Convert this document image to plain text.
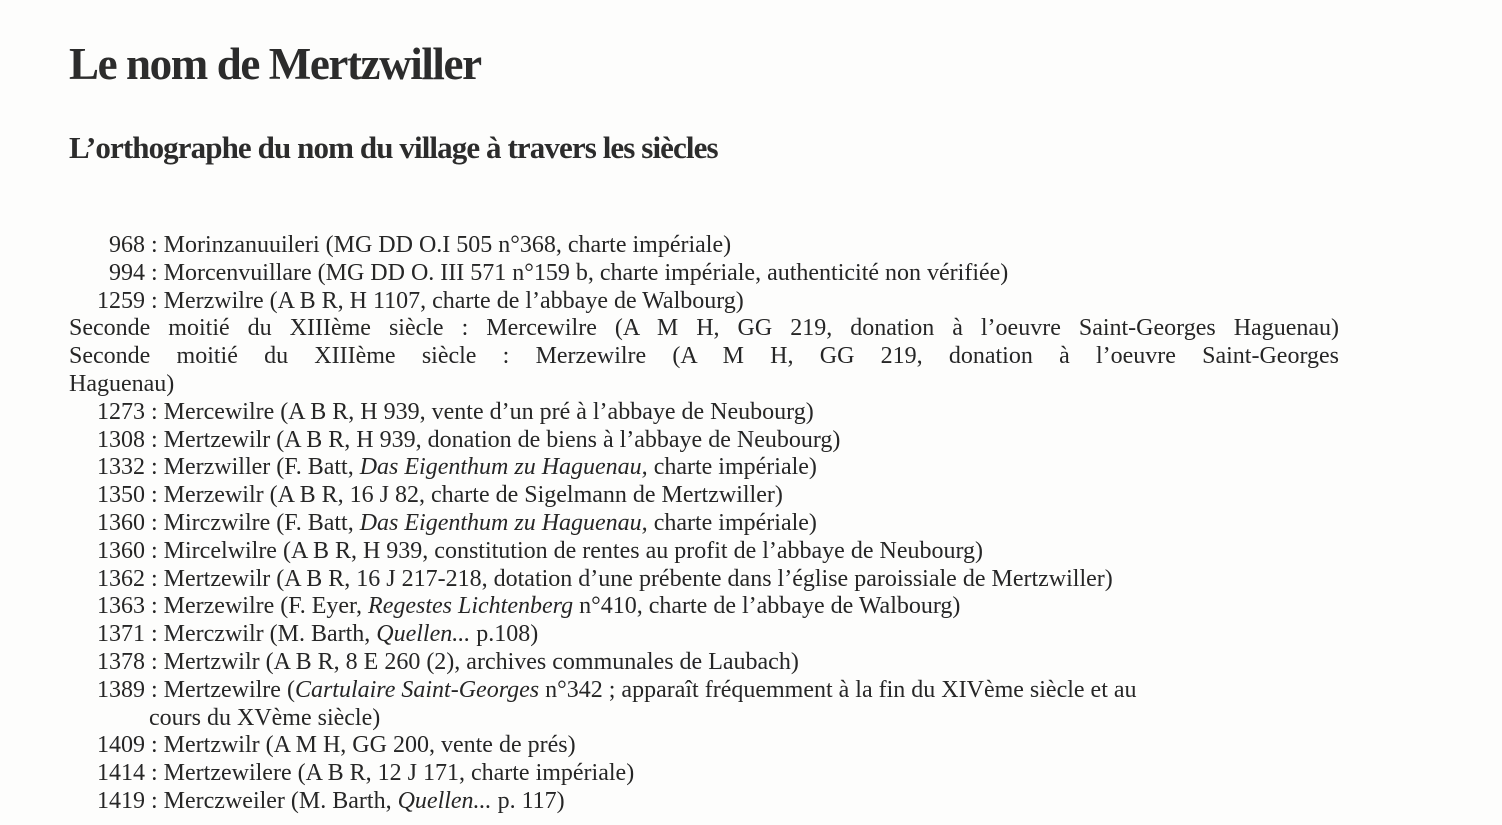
Le nom de Mertzwiller
L’orthographe du nom du village à travers les siècles
968 : Morinzanuuileri (MG DD O.I 505 n°368, charte impériale)
994 : Morcenvuillare (MG DD O. III 571 n°159 b, charte impériale, authenticité non vérifiée)
1259 : Merzwilre (A B R, H 1107, charte de l’abbaye de Walbourg)
Seconde moitié du XIIIème siècle : Mercewilre (A M H, GG 219, donation à l’oeuvre Saint-Georges Haguenau)
Seconde moitié du XIIIème siècle : Merzewilre (A M H, GG 219, donation à l’oeuvre Saint-Georges
Haguenau)
1273 : Mercewilre (A B R, H 939, vente d’un pré à l’abbaye de Neubourg)
1308 : Mertzewilr (A B R, H 939, donation de biens à l’abbaye de Neubourg)
1332 : Merzwiller (F. Batt, Das Eigenthum zu Haguenau, charte impériale)
1350 : Merzewilr (A B R, 16 J 82, charte de Sigelmann de Mertzwiller)
1360 : Mirczwilre (F. Batt, Das Eigenthum zu Haguenau, charte impériale)
1360 : Mircelwilre (A B R, H 939, constitution de rentes au profit de l’abbaye de Neubourg)
1362 : Mertzewilr (A B R, 16 J 217-218, dotation d’une prébente dans l’église paroissiale de Mertzwiller)
1363 : Merzewilre (F. Eyer, Regestes Lichtenberg n°410, charte de l’abbaye de Walbourg)
1371 : Merczwilr (M. Barth, Quellen... p.108)
1378 : Mertzwilr (A B R, 8 E 260 (2), archives communales de Laubach)
1389 : Mertzewilre (Cartulaire Saint-Georges n°342 ; apparaît fréquemment à la fin du XIVème siècle et au
cours du XVème siècle)
1409 : Mertzwilr (A M H, GG 200, vente de prés)
1414 : Mertzewilere (A B R, 12 J 171, charte impériale)
1419 : Merczweiler (M. Barth, Quellen... p. 117)
